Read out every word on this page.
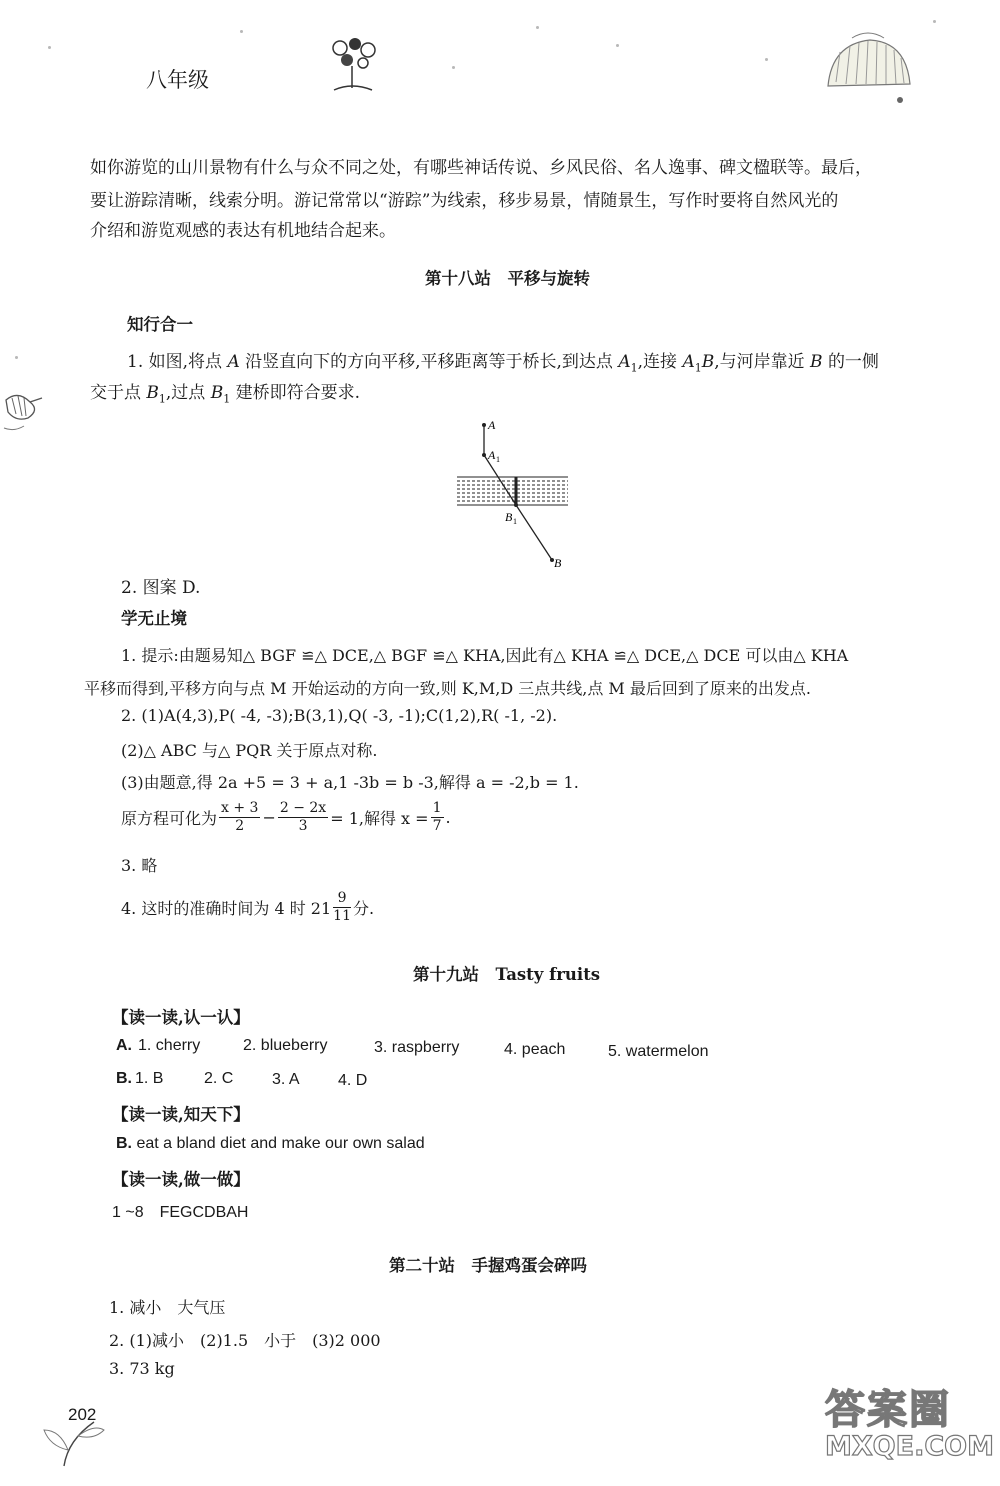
八年级
如你游览的山川景物有什么与众不同之处，有哪些神话传说、乡风民俗、名人逸事、碑文楹联等。最后，
要让游踪清晰，线索分明。游记常常以“游踪”为线索，移步易景，情随景生，写作时要将自然风光的
介绍和游览观感的表达有机地结合起来。
第十八站　平移与旋转
知行合一
1. 如图,将点 A 沿竖直向下的方向平移,平移距离等于桥长,到达点 $A_1$,连接 $A_1B$,与河岸靠近 B 的一侧
交于点 $B_1$,过点 $B_1$ 建桥即符合要求.
A
A 1
B 1
B
2. 图案 D.
学无止境
1. 提示:由题易知△ BGF ≌△ DCE,△ BGF ≌△ KHA,因此有△ KHA ≌△ DCE,△ DCE 可以由△ KHA
平移而得到,平移方向与点 M 开始运动的方向一致,则 K,M,D 三点共线,点 M 最后回到了原来的出发点.
2. (1)A(4,3),P( -4, -3);B(3,1),Q( -3, -1);C(1,2),R( -1, -2).
(2)△ ABC 与△ PQR 关于原点对称.
(3)由题意,得 2a +5 = 3 + a,1 -3b = b -3,解得 a = -2,b = 1.
原方程可化为 $\frac{x + 3}{2} - \frac{2 - 2x}{3} = 1$,解得 $x = \frac{1}{7}$ .
3. 略
4. 这时的准确时间为 4 时 $21 \frac{9}{11}$ 分.
第十九站　Tasty fruits
【读一读,认一认】
A. 1. cherry	2. blueberry	3. raspberry	4. peach	5. watermelon
B. 1. B	2. C 3. A 4. D
【读一读,知天下】
B. eat a bland diet and make our own salad
【读一读,做一做】
1 ~8　FEGCDBAH
第二十站　手握鸡蛋会碎吗
1. 减小　大气压
2. (1)减小　(2)1.5　小于　(3)2 000
3. 73 kg
202	答案圈
MXQE.COM
